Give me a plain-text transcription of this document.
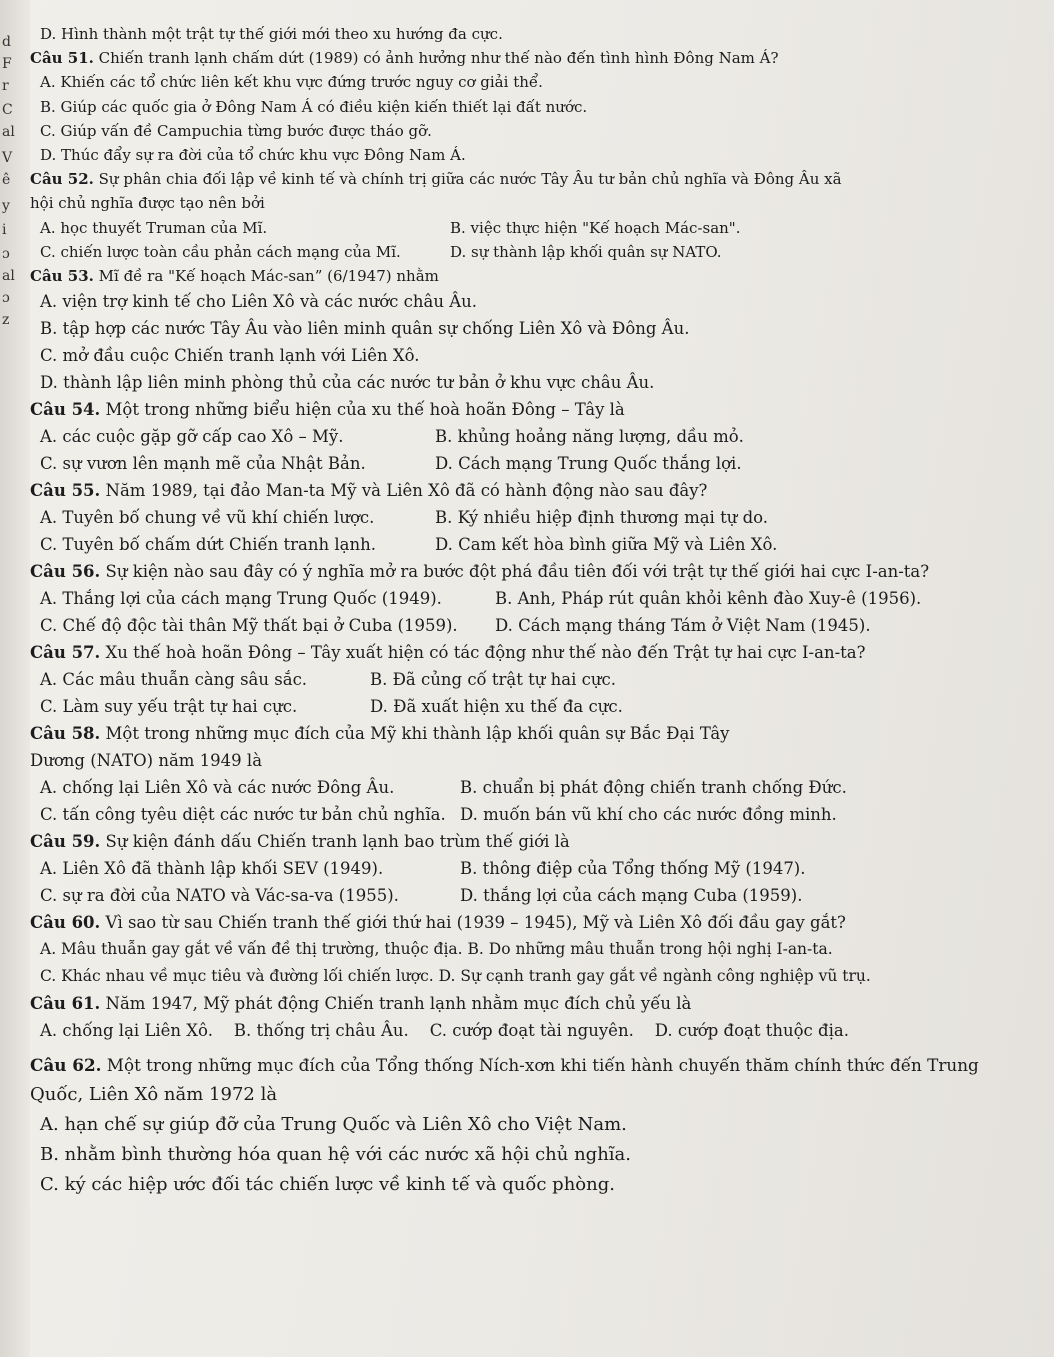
d
F
r
C
al
V
ê
y
i
ɔ
al
ɔ
z
D. Hình thành một trật tự thế giới mới theo xu hướng đa cực.
Câu 51. Chiến tranh lạnh chấm dứt (1989) có ảnh hưởng như thế nào đến tình hình Đông Nam Á?
A. Khiến các tổ chức liên kết khu vực đứng trước nguy cơ giải thể.
B. Giúp các quốc gia ở Đông Nam Á có điều kiện kiến thiết lại đất nước.
C. Giúp vấn đề Campuchia từng bước được tháo gỡ.
D. Thúc đẩy sự ra đời của tổ chức khu vực Đông Nam Á.
Câu 52. Sự phân chia đối lập về kinh tế và chính trị giữa các nước Tây Âu tư bản chủ nghĩa và Đông Âu xã
hội chủ nghĩa được tạo nên bởi
A. học thuyết Truman của Mĩ.	B. việc thực hiện "Kế hoạch Mác-san".
C. chiến lược toàn cầu phản cách mạng của Mĩ.	D. sự thành lập khối quân sự NATO.
Câu 53. Mĩ đề ra "Kế hoạch Mác-san” (6/1947) nhằm
A. viện trợ kinh tế cho Liên Xô và các nước châu Âu.
B. tập hợp các nước Tây Âu vào liên minh quân sự chống Liên Xô và Đông Âu.
C. mở đầu cuộc Chiến tranh lạnh với Liên Xô.
D. thành lập liên minh phòng thủ của các nước tư bản ở khu vực châu Âu.
Câu 54. Một trong những biểu hiện của xu thế hoà hoãn Đông – Tây là
A. các cuộc gặp gỡ cấp cao Xô – Mỹ.	B. khủng hoảng năng lượng, dầu mỏ.
C. sự vươn lên mạnh mẽ của Nhật Bản.	D. Cách mạng Trung Quốc thắng lợi.
Câu 55. Năm 1989, tại đảo Man-ta Mỹ và Liên Xô đã có hành động nào sau đây?
A. Tuyên bố chung về vũ khí chiến lược.	B. Ký nhiều hiệp định thương mại tự do.
C. Tuyên bố chấm dứt Chiến tranh lạnh.	D. Cam kết hòa bình giữa Mỹ và Liên Xô.
Câu 56. Sự kiện nào sau đây có ý nghĩa mở ra bước đột phá đầu tiên đối với trật tự thế giới hai cực I-an-ta?
A. Thắng lợi của cách mạng Trung Quốc (1949).	B. Anh, Pháp rút quân khỏi kênh đào Xuy-ê (1956).
C. Chế độ độc tài thân Mỹ thất bại ở Cuba (1959). D. Cách mạng tháng Tám ở Việt Nam (1945).
Câu 57. Xu thế hoà hoãn Đông – Tây xuất hiện có tác động như thế nào đến Trật tự hai cực I-an-ta?
A. Các mâu thuẫn càng sâu sắc.	B. Đã củng cố trật tự hai cực.
C. Làm suy yếu trật tự hai cực.	D. Đã xuất hiện xu thế đa cực.
Câu 58. Một trong những mục đích của Mỹ khi thành lập khối quân sự Bắc Đại Tây
Dương (NATO) năm 1949 là
A. chống lại Liên Xô và các nước Đông Âu.	B. chuẩn bị phát động chiến tranh chống Đức.
C. tấn công tyêu diệt các nước tư bản chủ nghĩa. D. muốn bán vũ khí cho các nước đồng minh.
Câu 59. Sự kiện đánh dấu Chiến tranh lạnh bao trùm thế giới là
A. Liên Xô đã thành lập khối SEV (1949).	B. thông điệp của Tổng thống Mỹ (1947).
C. sự ra đời của NATO và Vác-sa-va (1955).	D. thắng lợi của cách mạng Cuba (1959).
Câu 60. Vì sao từ sau Chiến tranh thế giới thứ hai (1939 – 1945), Mỹ và Liên Xô đối đầu gay gắt?
A. Mâu thuẫn gay gắt về vấn đề thị trường, thuộc địa. B. Do những mâu thuẫn trong hội nghị I-an-ta.
C. Khác nhau về mục tiêu và đường lối chiến lược. D. Sự cạnh tranh gay gắt về ngành công nghiệp vũ trụ.
Câu 61. Năm 1947, Mỹ phát động Chiến tranh lạnh nhằm mục đích chủ yếu là
A. chống lại Liên Xô.    B. thống trị châu Âu.    C. cướp đoạt tài nguyên.    D. cướp đoạt thuộc địa.
Câu 62. Một trong những mục đích của Tổng thống Ních-xơn khi tiến hành chuyến thăm chính thức đến Trung
Quốc, Liên Xô năm 1972 là
A. hạn chế sự giúp đỡ của Trung Quốc và Liên Xô cho Việt Nam.
B. nhằm bình thường hóa quan hệ với các nước xã hội chủ nghĩa.
C. ký các hiệp ước đối tác chiến lược về kinh tế và quốc phòng.
